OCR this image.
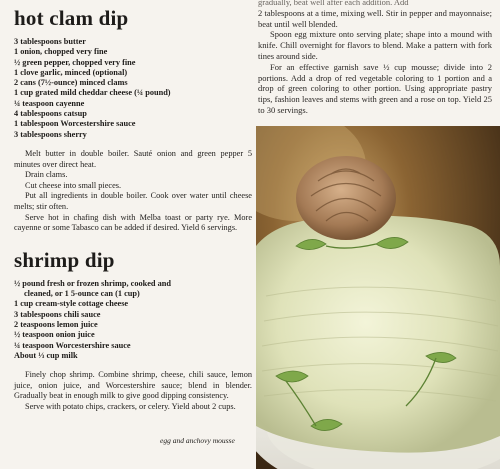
hot clam dip
3 tablespoons butter
1 onion, chopped very fine
½ green pepper, chopped very fine
1 clove garlic, minced (optional)
2 cans (7½-ounce) minced clams
1 cup grated mild cheddar cheese (¼ pound)
¼ teaspoon cayenne
4 tablespoons catsup
1 tablespoon Worcestershire sauce
3 tablespoons sherry

Melt butter in double boiler. Sauté onion and green pepper 5 minutes over direct heat.

Drain clams.

Cut cheese into small pieces.

Put all ingredients in double boiler. Cook over water until cheese melts; stir often.

Serve hot in chafing dish with Melba toast or party rye. More cayenne or some Tabasco can be added if desired. Yield 6 servings.

shrimp dip
½ pound fresh or frozen shrimp, cooked and
cleaned, or 1 5-ounce can (1 cup)
1 cup cream-style cottage cheese
3 tablespoons chili sauce
2 teaspoons lemon juice
½ teaspoon onion juice
¼ teaspoon Worcestershire sauce
About ⅓ cup milk

Finely chop shrimp. Combine shrimp, cheese, chili sauce, lemon juice, onion juice, and Worcestershire sauce; blend in blender. Gradually beat in enough milk to give good dipping consistency.

Serve with potato chips, crackers, or celery. Yield about 2 cups.

egg and anchovy mousse

gradually, beat well after each addition. Add

2 tablespoons at a time, mixing well. Stir in pepper and mayonnaise; beat until well blended.

Spoon egg mixture onto serving plate; shape into a mound with knife. Chill overnight for flavors to blend. Make a pattern with fork tines around side.

For an effective garnish save ½ cup mousse; divide into 2 portions. Add a drop of red vegetable coloring to 1 portion and a drop of green coloring to other portion. Using appropriate pastry tips, fashion leaves and stems with green and a rose on top. Yield 25 to 30 servings.
